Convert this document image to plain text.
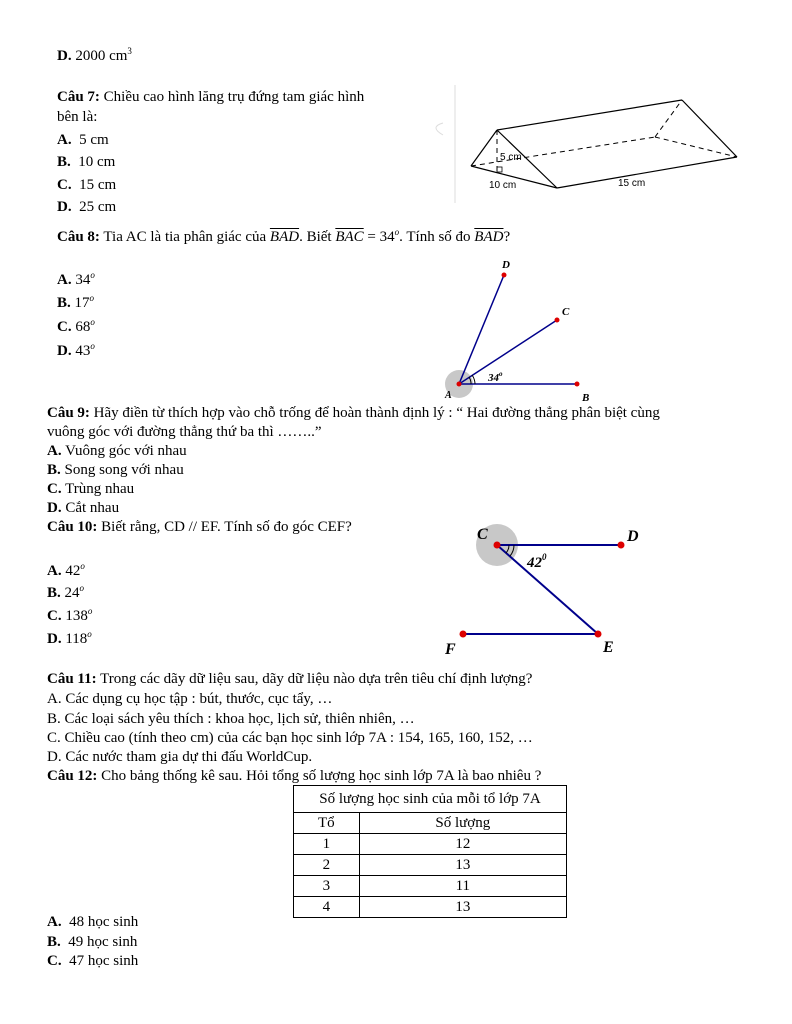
D. 2000 $cm^3$
Câu 7: Chiều cao hình lăng trụ đứng tam giác hình
bên là:
A. 5 cm
B. 10 cm
C. 15 cm
D. 25 cm
5 cm
10 cm	15 cm
Câu 8: Tia AC là tia phân giác của $\overline{BAD}$. Biết $\overline{BAC} = 34^o$. Tính số đo $\overline{BAD}$?
A. 34$^o$
B. 17$^o$
C. 68$^o$
D. 43$^o$
D
C
A	B
34$^o$
Câu 9: Hãy điền từ thích hợp vào chỗ trống để hoàn thành định lý : “ Hai đường thẳng phân biệt cùng
vuông góc với đường thẳng thứ ba thì ……..”
A. Vuông góc với nhau
B. Song song với nhau
C. Trùng nhau
D. Cắt nhau
Câu 10: Biết rằng, CD // EF. Tính số đo góc CEF?
A. 42$^o$
B. 24$^o$
C. 138$^o$
D. 118$^o$
C	D
E
F
$42^0$
Câu 11: Trong các dãy dữ liệu sau, dãy dữ liệu nào dựa trên tiêu chí định lượng?
A. Các dụng cụ học tập : bút, thước, cục tẩy, …
B. Các loại sách yêu thích : khoa học, lịch sử, thiên nhiên, …
C. Chiều cao (tính theo cm) của các bạn học sinh lớp 7A : 154, 165, 160, 152, …
D. Các nước tham gia dự thi đấu WorldCup.
Câu 12: Cho bảng thống kê sau. Hỏi tổng số lượng học sinh lớp 7A là bao nhiêu ?
Số lượng học sinh của mỗi tổ lớp 7A	
Tổ	Số lượng
1	12
2	13
3	11
4	13
A. 48 học sinh
B. 49 học sinh
C. 47 học sinh
